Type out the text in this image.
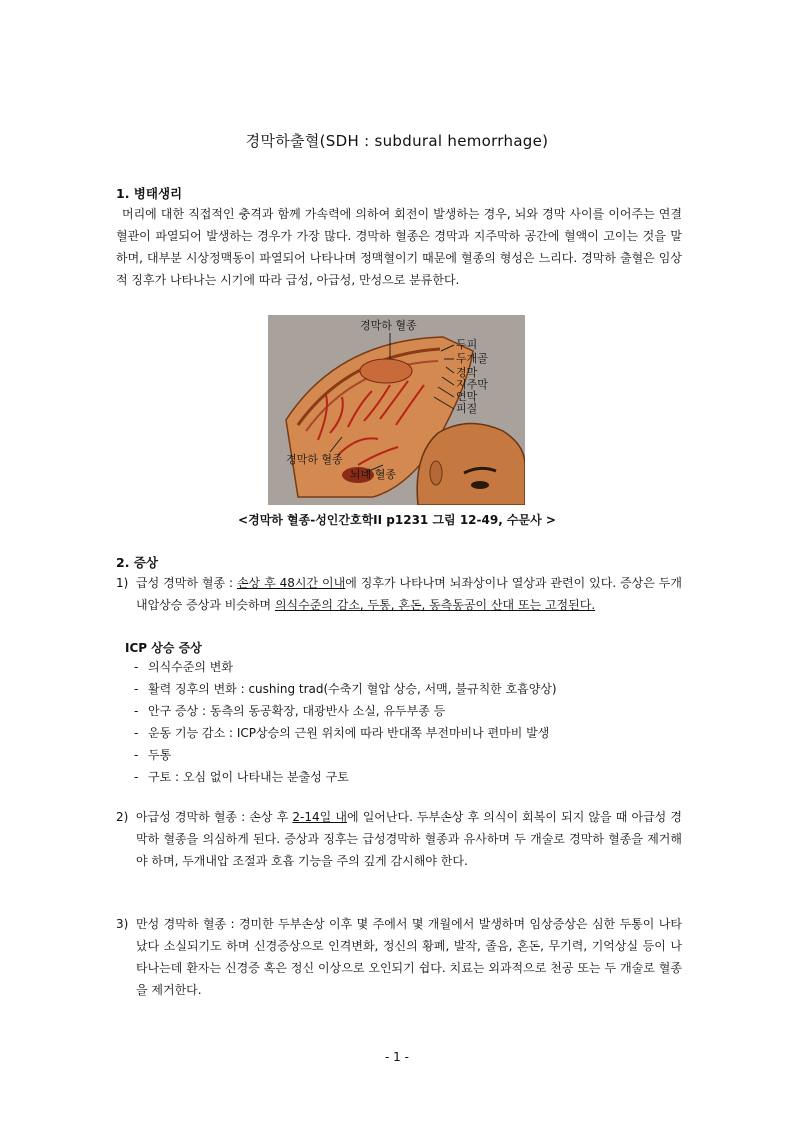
경막하출혈(SDH : subdural hemorrhage)
1. 병태생리
머리에 대한 직접적인 충격과 함께 가속력에 의하여 회전이 발생하는 경우, 뇌와 경막 사이를 이어주는 연결 혈관이 파열되어 발생하는 경우가 가장 많다. 경막하 혈종은 경막과 지주막하 공간에 혈액이 고이는 것을 말하며, 대부분 시상정맥동이 파열되어 나타나며 정맥혈이기 때문에 혈종의 형성은 느리다. 경막하 출혈은 임상적 징후가 나타나는 시기에 따라 급성, 아급성, 만성으로 분류한다.
경막하 혈종
두피
두개골
경막
지주막
연막
피질
경막하 혈종
뇌내 혈종
<경막하 혈종-성인간호학II p1231 그림 12-49, 수문사 >
2. 증상
1) 급성 경막하 혈종 : 손상 후 48시간 이내에 징후가 나타나며 뇌좌상이나 열상과 관련이 있다. 증상은 두개내압상승 증상과 비슷하며 의식수준의 감소, 두통, 혼돈, 동측동공이 산대 또는 고정된다.
ICP 상승 증상
- 의식수준의 변화
- 활력 징후의 변화 : cushing trad(수축기 혈압 상승, 서맥, 불규칙한 호흡양상)
- 안구 증상 : 동측의 동공확장, 대광반사 소실, 유두부종 등
- 운동 기능 감소 : ICP상승의 근원 위치에 따라 반대쪽 부전마비나 편마비 발생
- 두통
- 구토 : 오심 없이 나타내는 분출성 구토
2) 아급성 경막하 혈종 : 손상 후 2-14일 내에 일어난다. 두부손상 후 의식이 회복이 되지 않을 때 아급성 경막하 혈종을 의심하게 된다. 증상과 징후는 급성경막하 혈종과 유사하며 두 개술로 경막하 혈종을 제거해야 하며, 두개내압 조절과 호흡 기능을 주의 깊게 감시해야 한다.
3) 만성 경막하 혈종 : 경미한 두부손상 이후 몇 주에서 몇 개월에서 발생하며 임상증상은 심한 두통이 나타났다 소실되기도 하며 신경증상으로 인격변화, 정신의 황폐, 발작, 졸음, 혼돈, 무기력, 기억상실 등이 나타나는데 환자는 신경증 혹은 정신 이상으로 오인되기 쉽다. 치료는 외과적으로 천공 또는 두 개술로 혈종을 제거한다.
- 1 -
